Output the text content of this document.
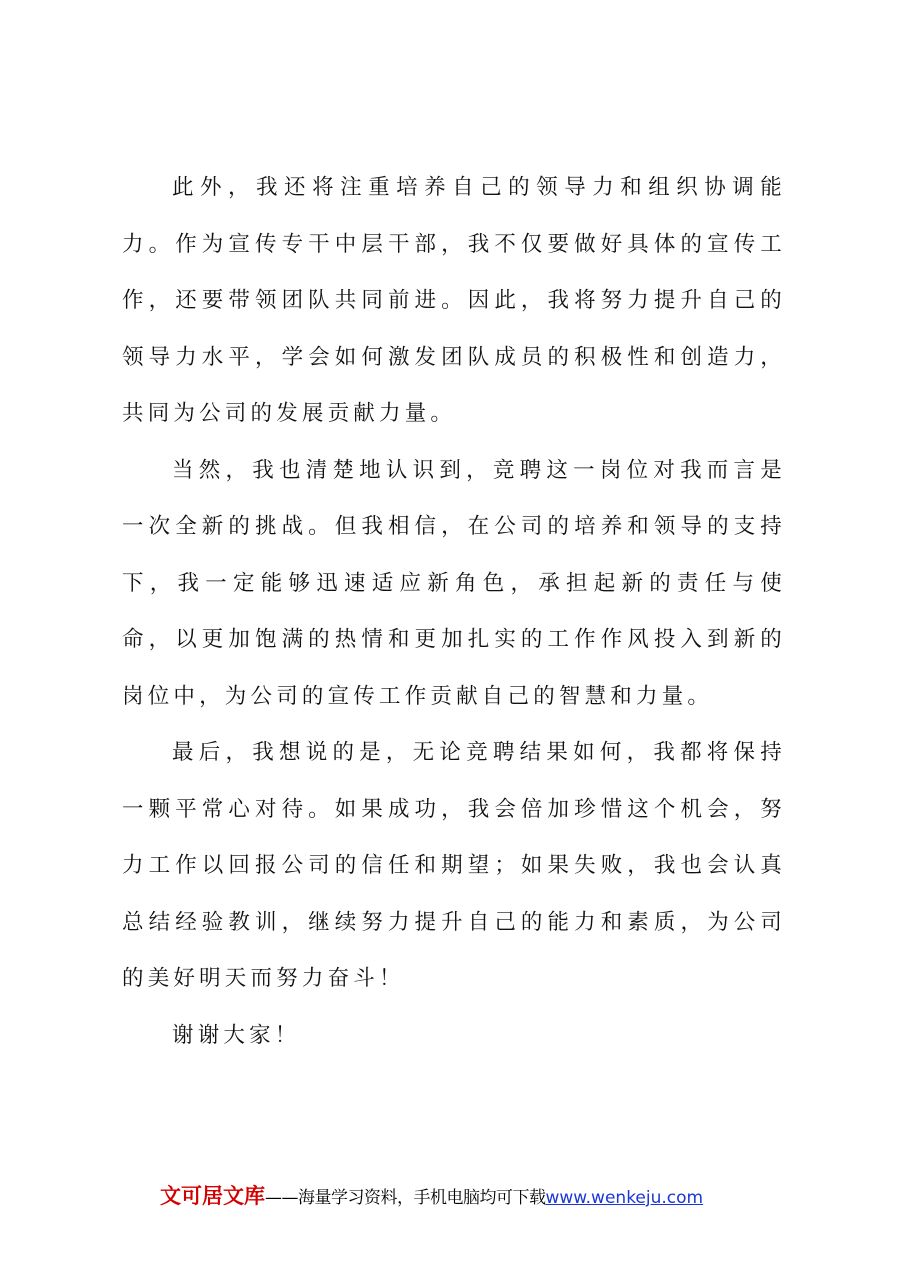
此外，我还将注重培养自己的领导力和组织协调能力。作为宣传专干中层干部，我不仅要做好具体的宣传工作，还要带领团队共同前进。因此，我将努力提升自己的领导力水平，学会如何激发团队成员的积极性和创造力，共同为公司的发展贡献力量。

当然，我也清楚地认识到，竞聘这一岗位对我而言是一次全新的挑战。但我相信，在公司的培养和领导的支持下，我一定能够迅速适应新角色，承担起新的责任与使命，以更加饱满的热情和更加扎实的工作作风投入到新的岗位中，为公司的宣传工作贡献自己的智慧和力量。

最后，我想说的是，无论竞聘结果如何，我都将保持一颗平常心对待。如果成功，我会倍加珍惜这个机会，努力工作以回报公司的信任和期望；如果失败，我也会认真总结经验教训，继续努力提升自己的能力和素质，为公司的美好明天而努力奋斗！

谢谢大家！

文可居文库——海量学习资料，手机电脑均可下载www.wenkeju.com
